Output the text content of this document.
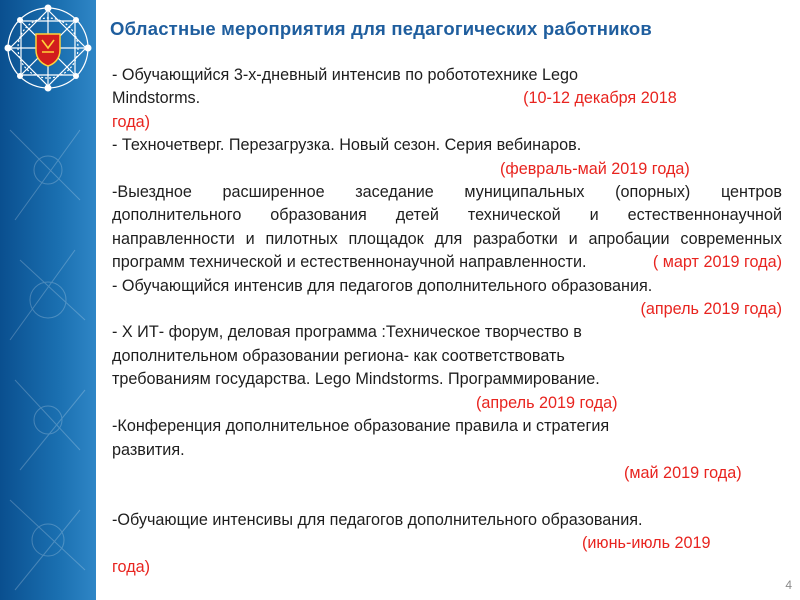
Областные мероприятия для педагогических работников
- Обучающийся 3-х-дневный интенсив по робототехнике Lego
Mindstorms.	(10-12 декабря 2018
года)
- Техночетверг. Перезагрузка. Новый сезон. Серия вебинаров.
(февраль-май 2019 года)
-Выездное расширенное заседание муниципальных (опорных) центров дополнительного образования детей технической и естественнонаучной направленности и пилотных площадок для разработки и апробации современных программ технической и естественнонаучной направленности.	( март 2019 года)
- Обучающийся интенсив для педагогов дополнительного образования.
(апрель 2019 года)
- Х ИТ- форум, деловая программа :Техническое творчество в
дополнительном образовании региона- как соответствовать
требованиям государства. Lego Mindstorms. Программирование.
(апрель 2019 года)
-Конференция дополнительное образование правила и стратегия
развития.
(май 2019 года)
-Обучающие интенсивы для педагогов дополнительного образования.
(июнь-июль 2019
года)
4
